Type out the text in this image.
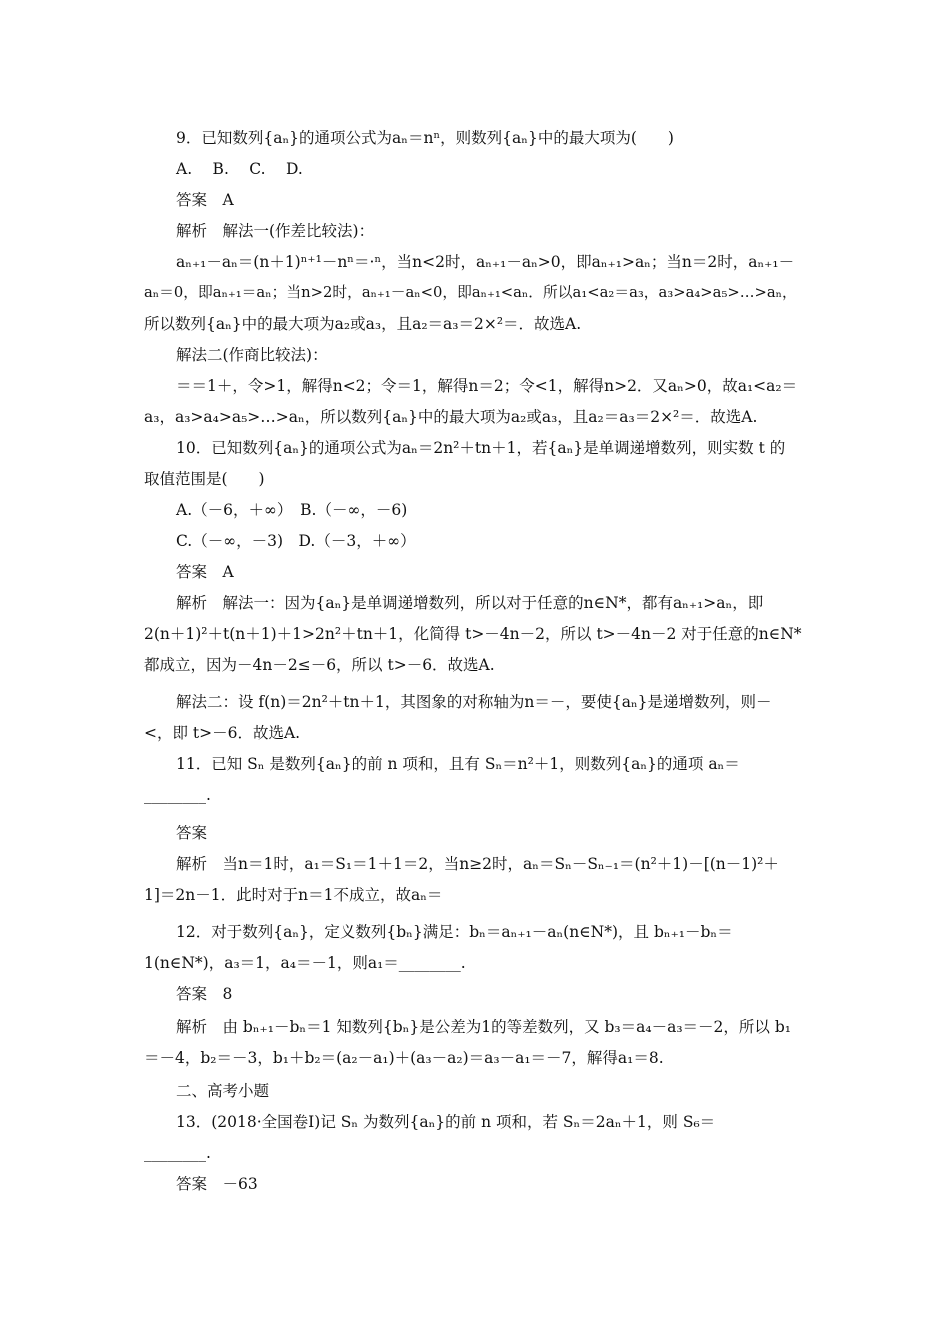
9．已知数列{aₙ}的通项公式为aₙ＝nⁿ，则数列{aₙ}中的最大项为(　　)
A.　 B.　 C.　 D.
答案　A
解析　解法一(作差比较法)：
aₙ₊₁－aₙ＝(n＋1)ⁿ⁺¹－nⁿ＝·ⁿ，当n<2时，aₙ₊₁－aₙ>0，即aₙ₊₁>aₙ；当n＝2时，aₙ₊₁－
aₙ＝0，即aₙ₊₁＝aₙ；当n>2时，aₙ₊₁－aₙ<0，即aₙ₊₁<aₙ．所以a₁<a₂＝a₃，a₃>a₄>a₅>…>aₙ，
所以数列{aₙ}中的最大项为a₂或a₃，且a₂＝a₃＝2×²＝．故选A.
解法二(作商比较法)：
＝＝1＋，令>1，解得n<2；令＝1，解得n＝2；令<1，解得n>2．又aₙ>0，故a₁<a₂＝
a₃，a₃>a₄>a₅>…>aₙ，所以数列{aₙ}中的最大项为a₂或a₃，且a₂＝a₃＝2×²＝．故选A.
10．已知数列{aₙ}的通项公式为aₙ＝2n²＋tn＋1，若{aₙ}是单调递增数列，则实数 t 的
取值范围是(　　)
A.（－6，＋∞）　B.（－∞，－6)
C.（－∞，－3)　D.（－3，＋∞）
答案　A
解析　解法一：因为{aₙ}是单调递增数列，所以对于任意的n∈N*，都有aₙ₊₁>aₙ，即
2(n＋1)²＋t(n＋1)＋1>2n²＋tn＋1，化简得 t>－4n－2，所以 t>－4n－2 对于任意的n∈N*
都成立，因为－4n－2≤－6，所以 t>－6．故选A.
解法二：设 f(n)＝2n²＋tn＋1，其图象的对称轴为n＝－，要使{aₙ}是递增数列，则－
<，即 t>－6．故选A.
11．已知 Sₙ 是数列{aₙ}的前 n 项和，且有 Sₙ＝n²＋1，则数列{aₙ}的通项 aₙ＝
________.
答案
解析　当n＝1时，a₁＝S₁＝1＋1＝2，当n≥2时，aₙ＝Sₙ－Sₙ₋₁＝(n²＋1)－[(n－1)²＋
1]＝2n－1．此时对于n＝1不成立，故aₙ＝
12．对于数列{aₙ}，定义数列{bₙ}满足：bₙ＝aₙ₊₁－aₙ(n∈N*)，且 bₙ₊₁－bₙ＝
1(n∈N*)，a₃＝1，a₄＝－1，则a₁＝________.
答案　8
解析　由 bₙ₊₁－bₙ＝1 知数列{bₙ}是公差为1的等差数列，又 b₃＝a₄－a₃＝－2，所以 b₁
＝－4，b₂＝－3，b₁＋b₂＝(a₂－a₁)＋(a₃－a₂)＝a₃－a₁＝－7，解得a₁＝8.
二、高考小题
13．(2018·全国卷Ⅰ)记 Sₙ 为数列{aₙ}的前 n 项和，若 Sₙ＝2aₙ＋1，则 S₆＝
________.
答案　－63
